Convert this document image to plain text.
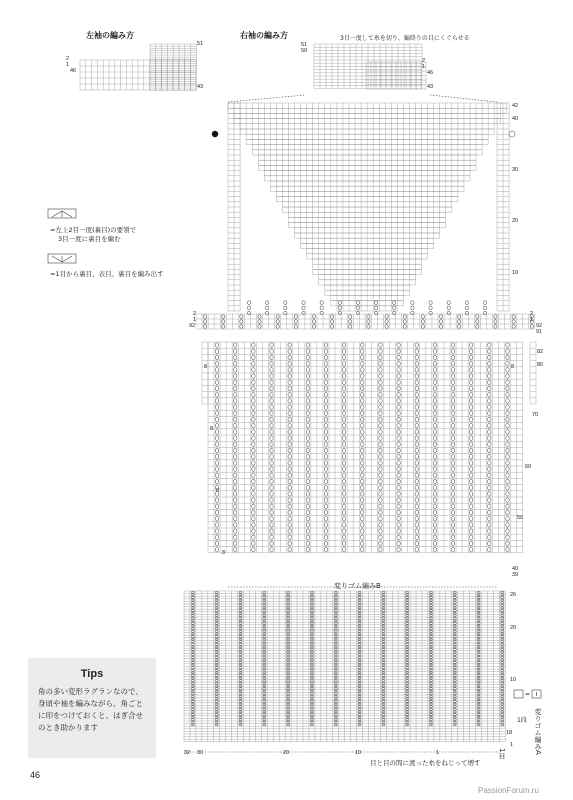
左袖の編み方	右袖の編み方	3目一度して糸を切り、編終りの目にくぐらせる
51
2
1
46
43
51
50
2
1
46
43
=左上2目一度(裏目)の要領で
3目一度に裏目を編む
=1目から裏目、表目、裏目を編み出す
42
40
30
20
10
2
1
92
2
1
92
91
82
80
70
60
50
40
39
8
8
8
8
8
変りゴム編みB
26
20
10
1
18
32 30	20	10	1
目と目の間に渡った糸をねじって増す
1段 変りゴム編みA
1目
=
Tips
角の多い変形ラグランなので、
身頃や袖を編みながら、角ごと
に印をつけておくと、はぎ合せ
のとき助かります
46
PassionForum.ru
